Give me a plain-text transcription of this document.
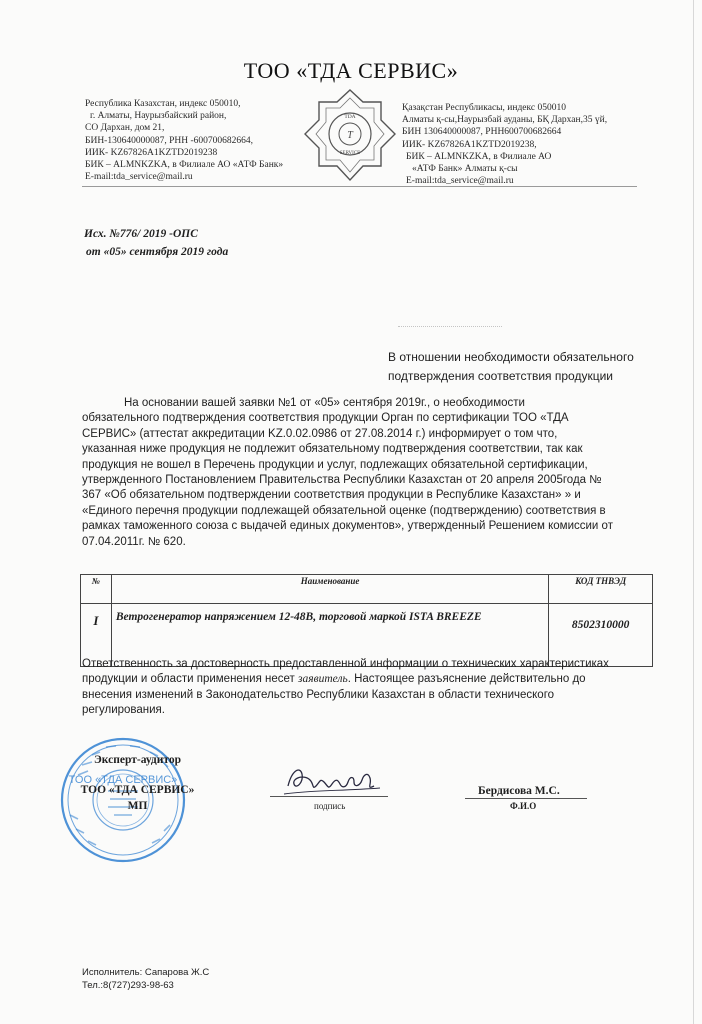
ТОО «ТДА СЕРВИС»
Республика Казахстан, индекс 050010,
г. Алматы, Наурызбайский район,
СО Дархан, дом 21,
БИН-130640000087, РНН -600700682664,
ИИК- KZ67826A1KZTD2019238
БИК – ALMNKZKA, в Филиале АО «АТФ Банк»
E-mail:tda_service@mail.ru
T
TDA
SERVICE
Қазақстан Республикасы, индекс 050010
Алматы қ-сы,Наурызбай ауданы, БҚ Дархан,35 үй,
БИН 130640000087, РНН600700682664
ИИК- KZ67826A1KZTD2019238,
БИК – ALMNKZKA, в Филиале АО
«АТФ Банк» Алматы қ-сы
E-mail:tda_service@mail.ru
Исх. №776/ 2019 -ОПС
от «05» сентября 2019 года
В отношении необходимости обязательного
подтверждения соответствия продукции
На основании вашей заявки №1 от «05» сентября 2019г., о необходимости
обязательного подтверждения соответствия продукции Орган по сертификации ТОО «ТДА
СЕРВИС» (аттестат аккредитации KZ.0.02.0986 от 27.08.2014 г.) информирует о том что,
указанная ниже продукция не подлежит обязательному подтверждения соответствии, так как
продукция не вошел в Перечень продукции и услуг, подлежащих обязательной сертификации,
утвержденного Постановлением Правительства Республики Казахстан от 20 апреля 2005года №
367 «Об обязательном подтверждении соответствия продукции в Республике Казахстан» » и
«Единого перечня продукции подлежащей обязательной оценке (подтверждению) соответствия в
рамках таможенного союза с выдачей единых документов», утвержденный Решением комиссии от
07.04.2011г. № 620.
№	Наименование	КОД ТНВЭД
I	Ветрогенератор напряжением 12-48В, торговой маркой ISTA BREEZE	8502310000
Ответственность за достоверность предоставленной информации о технических характеристиках
продукции и области применения несет заявитель. Настоящее разъяснение действительно до
внесения изменений в Законодательство Республики Казахстан в области технического
регулирования.
ТОО «ТДА СЕРВИС»
Эксперт-аудитор
ТОО «ТДА СЕРВИС»
МП	подпись
Бердисова М.С.
Ф.И.О
Исполнитель: Сапарова Ж.С
Тел.:8(727)293-98-63
